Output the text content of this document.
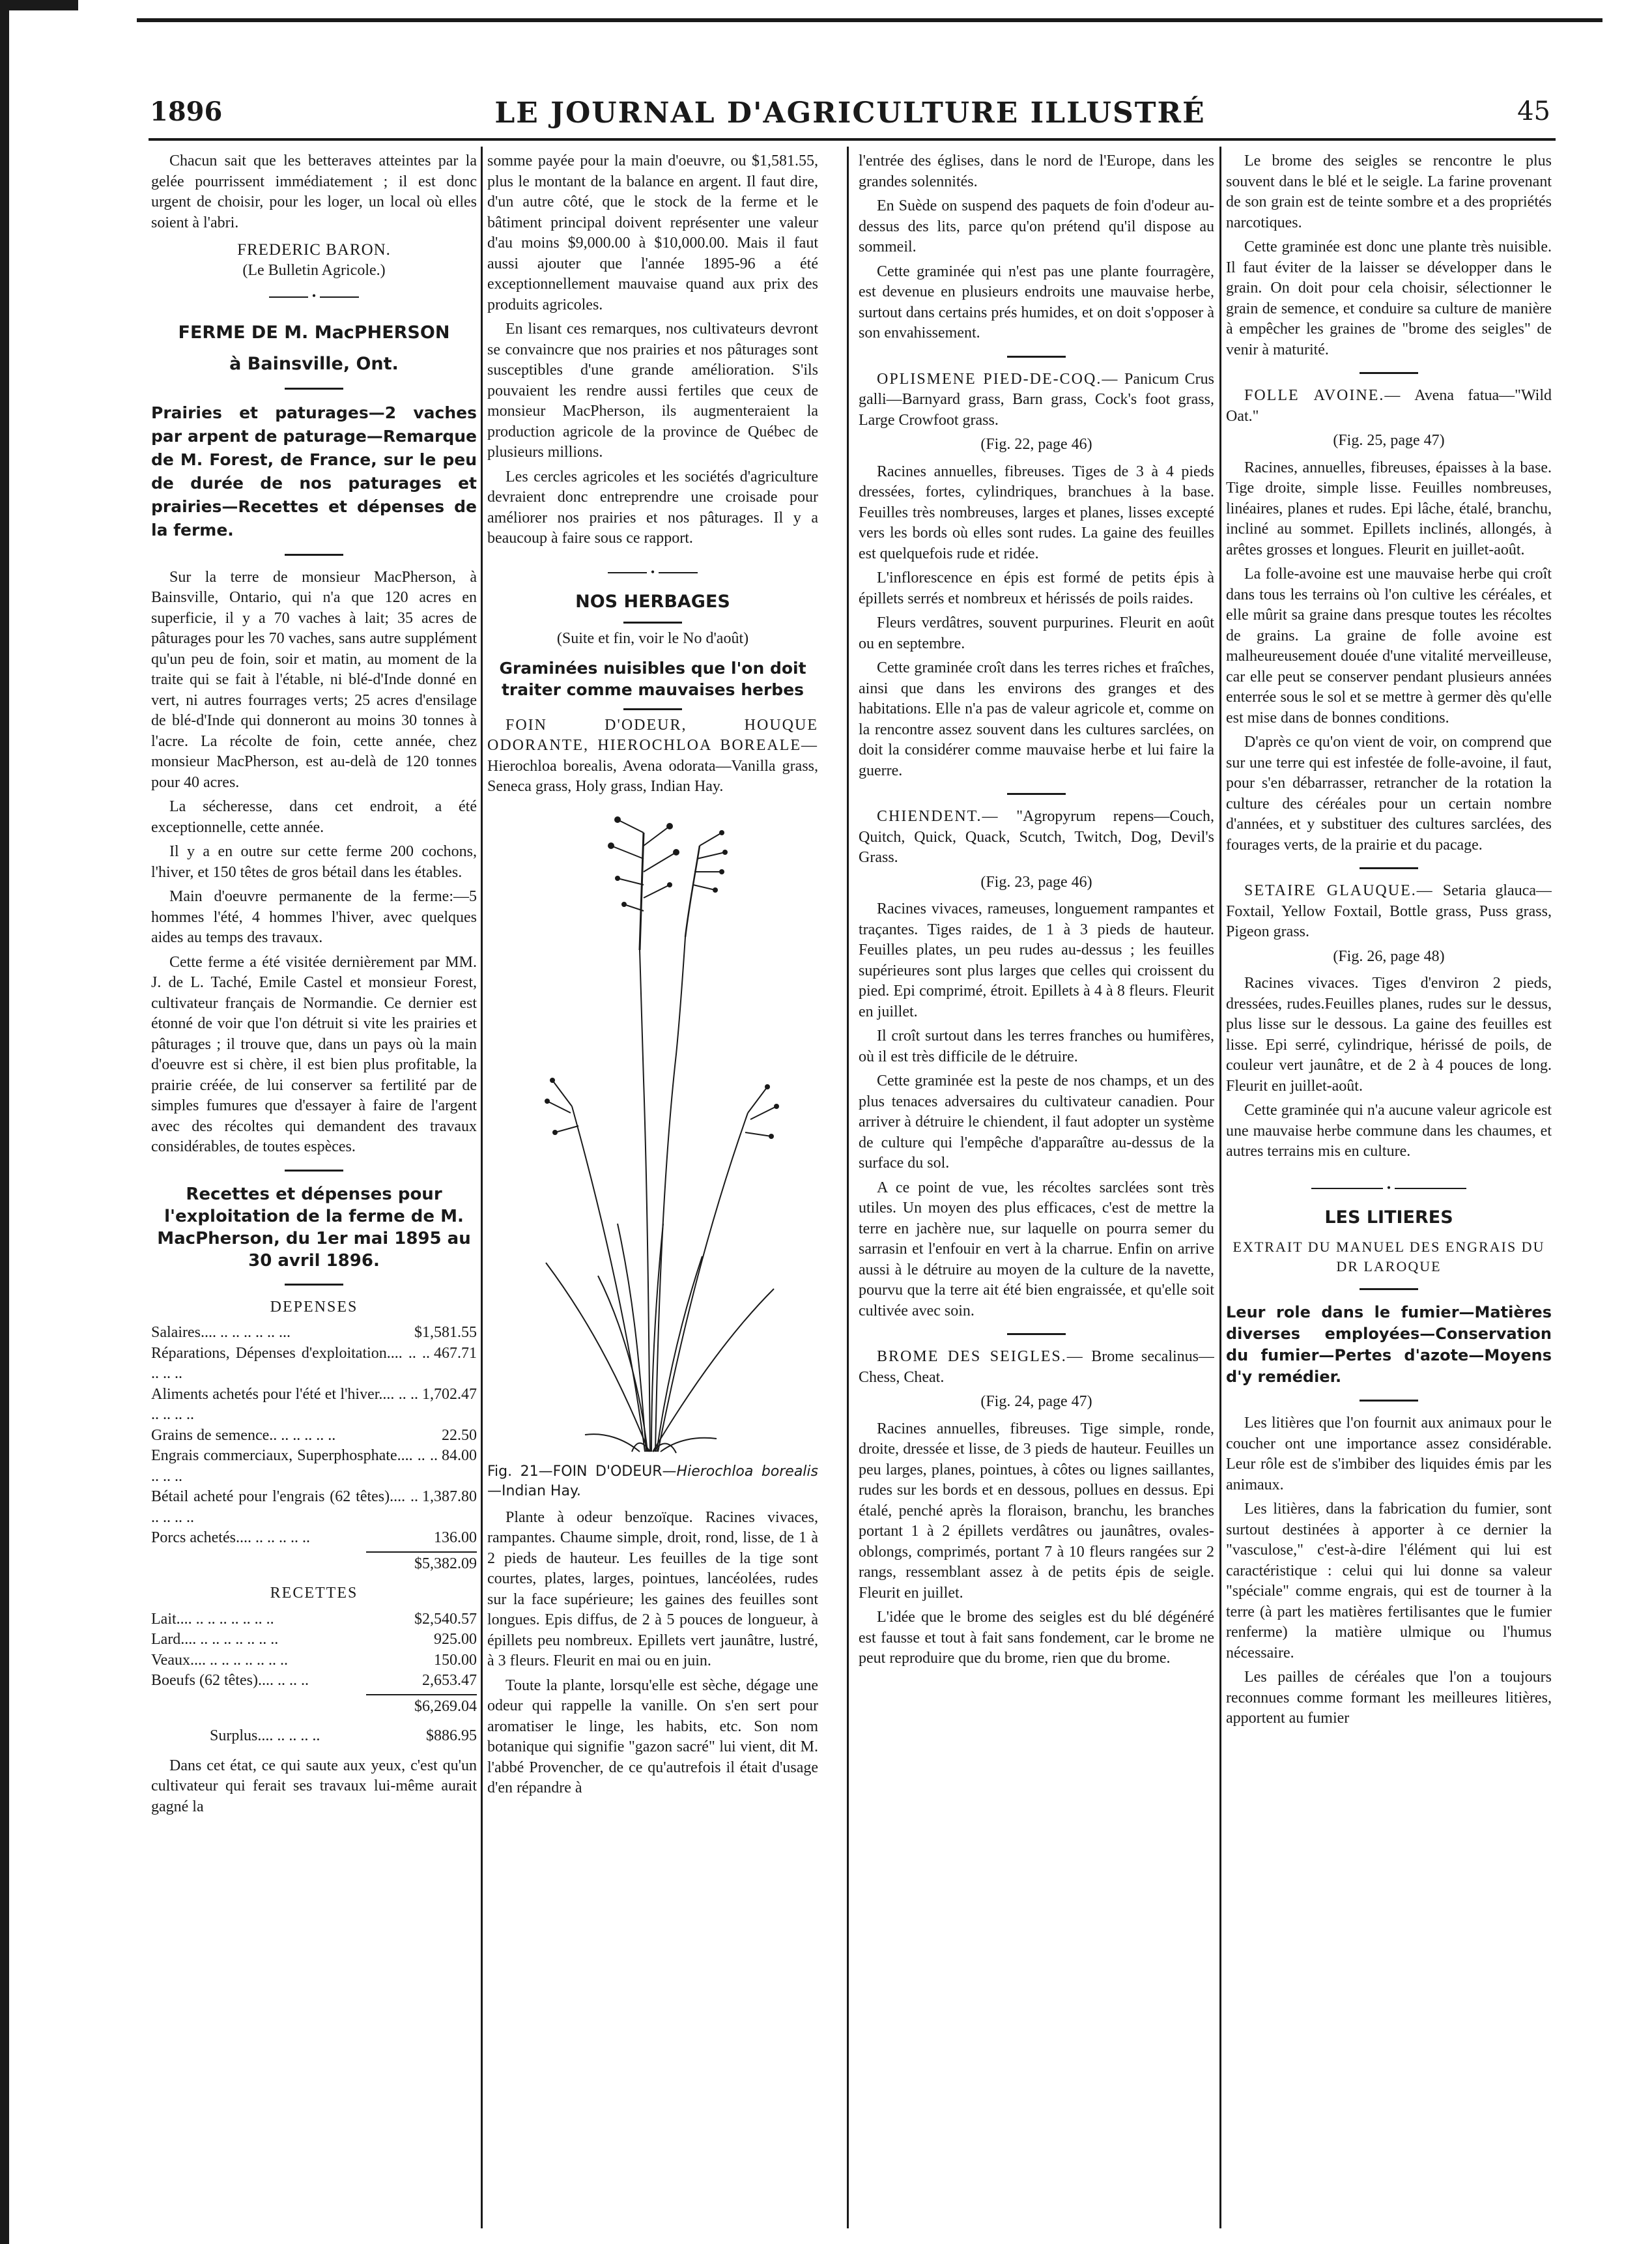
1896	LE JOURNAL D'AGRICULTURE ILLUSTRÉ	45

Chacun sait que les betteraves atteintes par la gelée pourrissent immédiatement ; il est donc urgent de choisir, pour les loger, un local où elles soient à l'abri.

FREDERIC BARON.
(Le Bulletin Agricole.)
•
FERME DE M. MacPHERSON
à Bainsville, Ont.
Prairies et paturages—2 vaches par arpent de paturage—Remarque de M. Forest, de France, sur le peu de durée de nos paturages et prairies—Recettes et dépenses de la ferme.

Sur la terre de monsieur MacPherson, à Bainsville, Ontario, qui n'a que 120 acres en superficie, il y a 70 vaches à lait; 35 acres de pâturages pour les 70 vaches, sans autre supplément qu'un peu de foin, soir et matin, au moment de la traite qui se fait à l'étable, ni blé-d'Inde donné en vert, ni autres fourrages verts; 25 acres d'ensilage de blé-d'Inde qui donneront au moins 30 tonnes à l'acre. La récolte de foin, cette année, chez monsieur MacPherson, est au-delà de 120 tonnes pour 40 acres.

La sécheresse, dans cet endroit, a été exceptionnelle, cette année.

Il y a en outre sur cette ferme 200 cochons, l'hiver, et 150 têtes de gros bétail dans les étables.

Main d'oeuvre permanente de la ferme:—5 hommes l'été, 4 hommes l'hiver, avec quelques aides au temps des travaux.

Cette ferme a été visitée dernièrement par MM. J. de L. Taché, Emile Castel et monsieur Forest, cultivateur français de Normandie. Ce dernier est étonné de voir que l'on détruit si vite les prairies et pâturages ; il trouve que, dans un pays où la main d'oeuvre est si chère, il est bien plus profitable, la prairie créée, de lui conserver sa fertilité par de simples fumures que d'essayer à faire de l'argent avec des récoltes qui demandent des travaux considérables, de toutes espèces.

Recettes et dépenses pour l'exploitation de la ferme de M. MacPherson, du 1er mai 1895 au 30 avril 1896.
DEPENSES
Salaires.... .. .. .. .. .. ...	$1,581.55
Réparations, Dépenses d'exploitation.... .. .. .. .. ..
467.71
Aliments achetés pour l'été et l'hiver.... .. .. .. .. .. ..
1,702.47
Grains de semence.. .. .. .. .. ..	22.50
Engrais commerciaux, Superphosphate.... .. .. .. .. ..
84.00
Bétail acheté pour l'engrais (62 têtes).... .. .. .. .. ..
1,387.80
Porcs achetés.... .. .. .. .. ..	136.00
$5,382.09
RECETTES
Lait.... .. .. .. .. .. .. ..	$2,540.57
Lard.... .. .. .. .. .. .. ..	925.00
Veaux.... .. .. .. .. .. .. ..	150.00
Boeufs (62 têtes).... .. .. ..	2,653.47
$6,269.04
Surplus.... .. .. .. ..	$886.95

Dans cet état, ce qui saute aux yeux, c'est qu'un cultivateur qui ferait ses travaux lui-même aurait gagné la

somme payée pour la main d'oeuvre, ou $1,581.55, plus le montant de la balance en argent. Il faut dire, d'un autre côté, que le stock de la ferme et le bâtiment principal doivent représenter une valeur d'au moins $9,000.00 à $10,000.00. Mais il faut aussi ajouter que l'année 1895-96 a été exceptionnellement mauvaise quand aux prix des produits agricoles.

En lisant ces remarques, nos cultivateurs devront se convaincre que nos prairies et nos pâturages sont susceptibles d'une grande amélioration. S'ils pouvaient les rendre aussi fertiles que ceux de monsieur MacPherson, ils augmenteraient la production agricole de la province de Québec de plusieurs millions.

Les cercles agricoles et les sociétés d'agriculture devraient donc entreprendre une croisade pour améliorer nos prairies et nos pâturages. Il y a beaucoup à faire sous ce rapport.

•
NOS HERBAGES
(Suite et fin, voir le No d'août)
Graminées nuisibles que l'on doit traiter comme mauvaises herbes

FOIN D'ODEUR, HOUQUE ODORANTE, HIEROCHLOA BOREALE— Hierochloa borealis, Avena odorata—Vanilla grass, Seneca grass, Holy grass, Indian Hay.

Fig. 21—FOIN D'ODEUR—Hierochloa borealis—Indian Hay.

Plante à odeur benzoïque. Racines vivaces, rampantes. Chaume simple, droit, rond, lisse, de 1 à 2 pieds de hauteur. Les feuilles de la tige sont courtes, plates, larges, pointues, lancéolées, rudes sur la face supérieure; les gaines des feuilles sont longues. Epis diffus, de 2 à 5 pouces de longueur, à épillets peu nombreux. Epillets vert jaunâtre, lustré, à 3 fleurs. Fleurit en mai ou en juin.

Toute la plante, lorsqu'elle est sèche, dégage une odeur qui rappelle la vanille. On s'en sert pour aromatiser le linge, les habits, etc. Son nom botanique qui signifie "gazon sacré" lui vient, dit M. l'abbé Provencher, de ce qu'autrefois il était d'usage d'en répandre à

l'entrée des églises, dans le nord de l'Europe, dans les grandes solennités.

En Suède on suspend des paquets de foin d'odeur au-dessus des lits, parce qu'on prétend qu'il dispose au sommeil.

Cette graminée qui n'est pas une plante fourragère, est devenue en plusieurs endroits une mauvaise herbe, surtout dans certains prés humides, et on doit s'opposer à son envahissement.

OPLISMENE PIED-DE-COQ.— Panicum Crus galli—Barnyard grass, Barn grass, Cock's foot grass, Large Crowfoot grass.

(Fig. 22, page 46)

Racines annuelles, fibreuses. Tiges de 3 à 4 pieds dressées, fortes, cylindriques, branchues à la base. Feuilles très nombreuses, larges et planes, lisses excepté vers les bords où elles sont rudes. La gaine des feuilles est quelquefois rude et ridée.

L'inflorescence en épis est formé de petits épis à épillets serrés et nombreux et hérissés de poils raides.

Fleurs verdâtres, souvent purpurines. Fleurit en août ou en septembre.

Cette graminée croît dans les terres riches et fraîches, ainsi que dans les environs des granges et des habitations. Elle n'a pas de valeur agricole et, comme on la rencontre assez souvent dans les cultures sarclées, on doit la considérer comme mauvaise herbe et lui faire la guerre.

CHIENDENT.— "Agropyrum repens—Couch, Quitch, Quick, Quack, Scutch, Twitch, Dog, Devil's Grass.

(Fig. 23, page 46)

Racines vivaces, rameuses, longuement rampantes et traçantes. Tiges raides, de 1 à 3 pieds de hauteur. Feuilles plates, un peu rudes au-dessus ; les feuilles supérieures sont plus larges que celles qui croissent du pied. Epi comprimé, étroit. Epillets à 4 à 8 fleurs. Fleurit en juillet.

Il croît surtout dans les terres franches ou humifères, où il est très difficile de le détruire.

Cette graminée est la peste de nos champs, et un des plus tenaces adversaires du cultivateur canadien. Pour arriver à détruire le chiendent, il faut adopter un système de culture qui l'empêche d'apparaître au-dessus de la surface du sol.

A ce point de vue, les récoltes sarclées sont très utiles. Un moyen des plus efficaces, c'est de mettre la terre en jachère nue, sur laquelle on pourra semer du sarrasin et l'enfouir en vert à la charrue. Enfin on arrive aussi à le détruire au moyen de la culture de la navette, pourvu que la terre ait été bien engraissée, et qu'elle soit cultivée avec soin.

BROME DES SEIGLES.— Brome secalinus—Chess, Cheat.

(Fig. 24, page 47)

Racines annuelles, fibreuses. Tige simple, ronde, droite, dressée et lisse, de 3 pieds de hauteur. Feuilles un peu larges, planes, pointues, à côtes ou lignes saillantes, rudes sur les bords et en dessous, pollues en dessus. Epi étalé, penché après la floraison, branchu, les branches portant 1 à 2 épillets verdâtres ou jaunâtres, ovales-oblongs, comprimés, portant 7 à 10 fleurs rangées sur 2 rangs, ressemblant assez à de petits épis de seigle. Fleurit en juillet.

L'idée que le brome des seigles est du blé dégénéré est fausse et tout à fait sans fondement, car le brome ne peut reproduire que du brome, rien que du brome.

Le brome des seigles se rencontre le plus souvent dans le blé et le seigle. La farine provenant de son grain est de teinte sombre et a des propriétés narcotiques.

Cette graminée est donc une plante très nuisible. Il faut éviter de la laisser se développer dans le grain. On doit pour cela choisir, sélectionner le grain de semence, et conduire sa culture de manière à empêcher les graines de "brome des seigles" de venir à maturité.

FOLLE AVOINE.— Avena fatua—"Wild Oat."

(Fig. 25, page 47)

Racines, annuelles, fibreuses, épaisses à la base. Tige droite, simple lisse. Feuilles nombreuses, linéaires, planes et rudes. Epi lâche, étalé, branchu, incliné au sommet. Epillets inclinés, allongés, à arêtes grosses et longues. Fleurit en juillet-août.

La folle-avoine est une mauvaise herbe qui croît dans tous les terrains où l'on cultive les céréales, et elle mûrit sa graine dans presque toutes les récoltes de grains. La graine de folle avoine est malheureusement douée d'une vitalité merveilleuse, car elle peut se conserver pendant plusieurs années enterrée sous le sol et se mettre à germer dès qu'elle est mise dans de bonnes conditions.

D'après ce qu'on vient de voir, on comprend que sur une terre qui est infestée de folle-avoine, il faut, pour s'en débarrasser, retrancher de la rotation la culture des céréales pour un certain nombre d'années, et y substituer des cultures sarclées, des fourages verts, de la prairie et du pacage.

SETAIRE GLAUQUE.— Setaria glauca—Foxtail, Yellow Foxtail, Bottle grass, Puss grass, Pigeon grass.

(Fig. 26, page 48)

Racines vivaces. Tiges d'environ 2 pieds, dressées, rudes.Feuilles planes, rudes sur le dessus, plus lisse sur le dessous. La gaine des feuilles est lisse. Epi serré, cylindrique, hérissé de poils, de couleur vert jaunâtre, et de 2 à 4 pouces de long. Fleurit en juillet-août.

Cette graminée qui n'a aucune valeur agricole est une mauvaise herbe commune dans les chaumes, et autres terrains mis en culture.

•
LES LITIERES
EXTRAIT DU MANUEL DES ENGRAIS DU DR LAROQUE
Leur role dans le fumier—Matières diverses employées—Conservation du fumier—Pertes d'azote—Moyens d'y remédier.

Les litières que l'on fournit aux animaux pour le coucher ont une importance assez considérable. Leur rôle est de s'imbiber des liquides émis par les animaux.

Les litières, dans la fabrication du fumier, sont surtout destinées à apporter à ce dernier la "vasculose," c'est-à-dire l'élément qui lui est caractéristique : celui qui lui donne sa valeur "spéciale" comme engrais, qui est de tourner à la terre (à part les matières fertilisantes que le fumier renferme) la matière ulmique ou l'humus nécessaire.

Les pailles de céréales que l'on a toujours reconnues comme formant les meilleures litières, apportent au fumier
